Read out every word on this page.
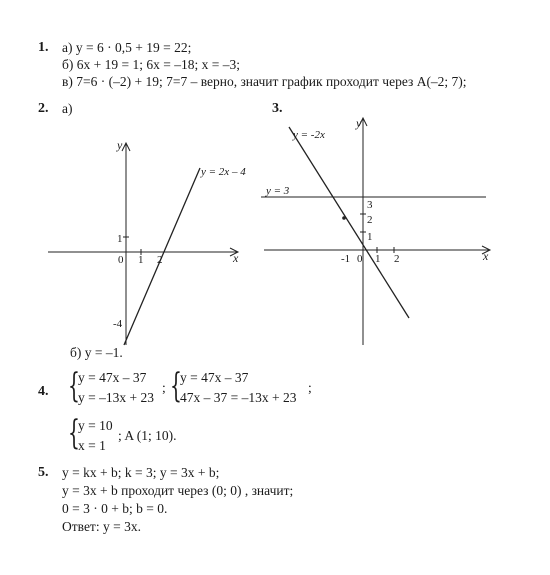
1. а) y = 6 · 0,5 + 19 = 22;
б) 6x + 19 = 1; 6x = –18; x = –3;
в) 7=6 · (–2) + 19; 7=7 – верно, значит график проходит через A(–2; 7);
2. а)	3.
y
x
y = 2x – 4
0 1 2
1
-4
y
x
y = -2x
y = 3
3
2
1
-1 0 1 2
б) y = –1.
4. {
y = 47x – 37
y = –13x + 23
; {
y = 47x – 37
47x – 37 = –13x + 23
;
{
y = 10
x = 1
; A (1; 10).
5. y = kx + b; k = 3; y = 3x + b;
y = 3x + b проходит через (0; 0) , значит;
0 = 3 · 0 + b; b = 0.
Ответ: y = 3x.
